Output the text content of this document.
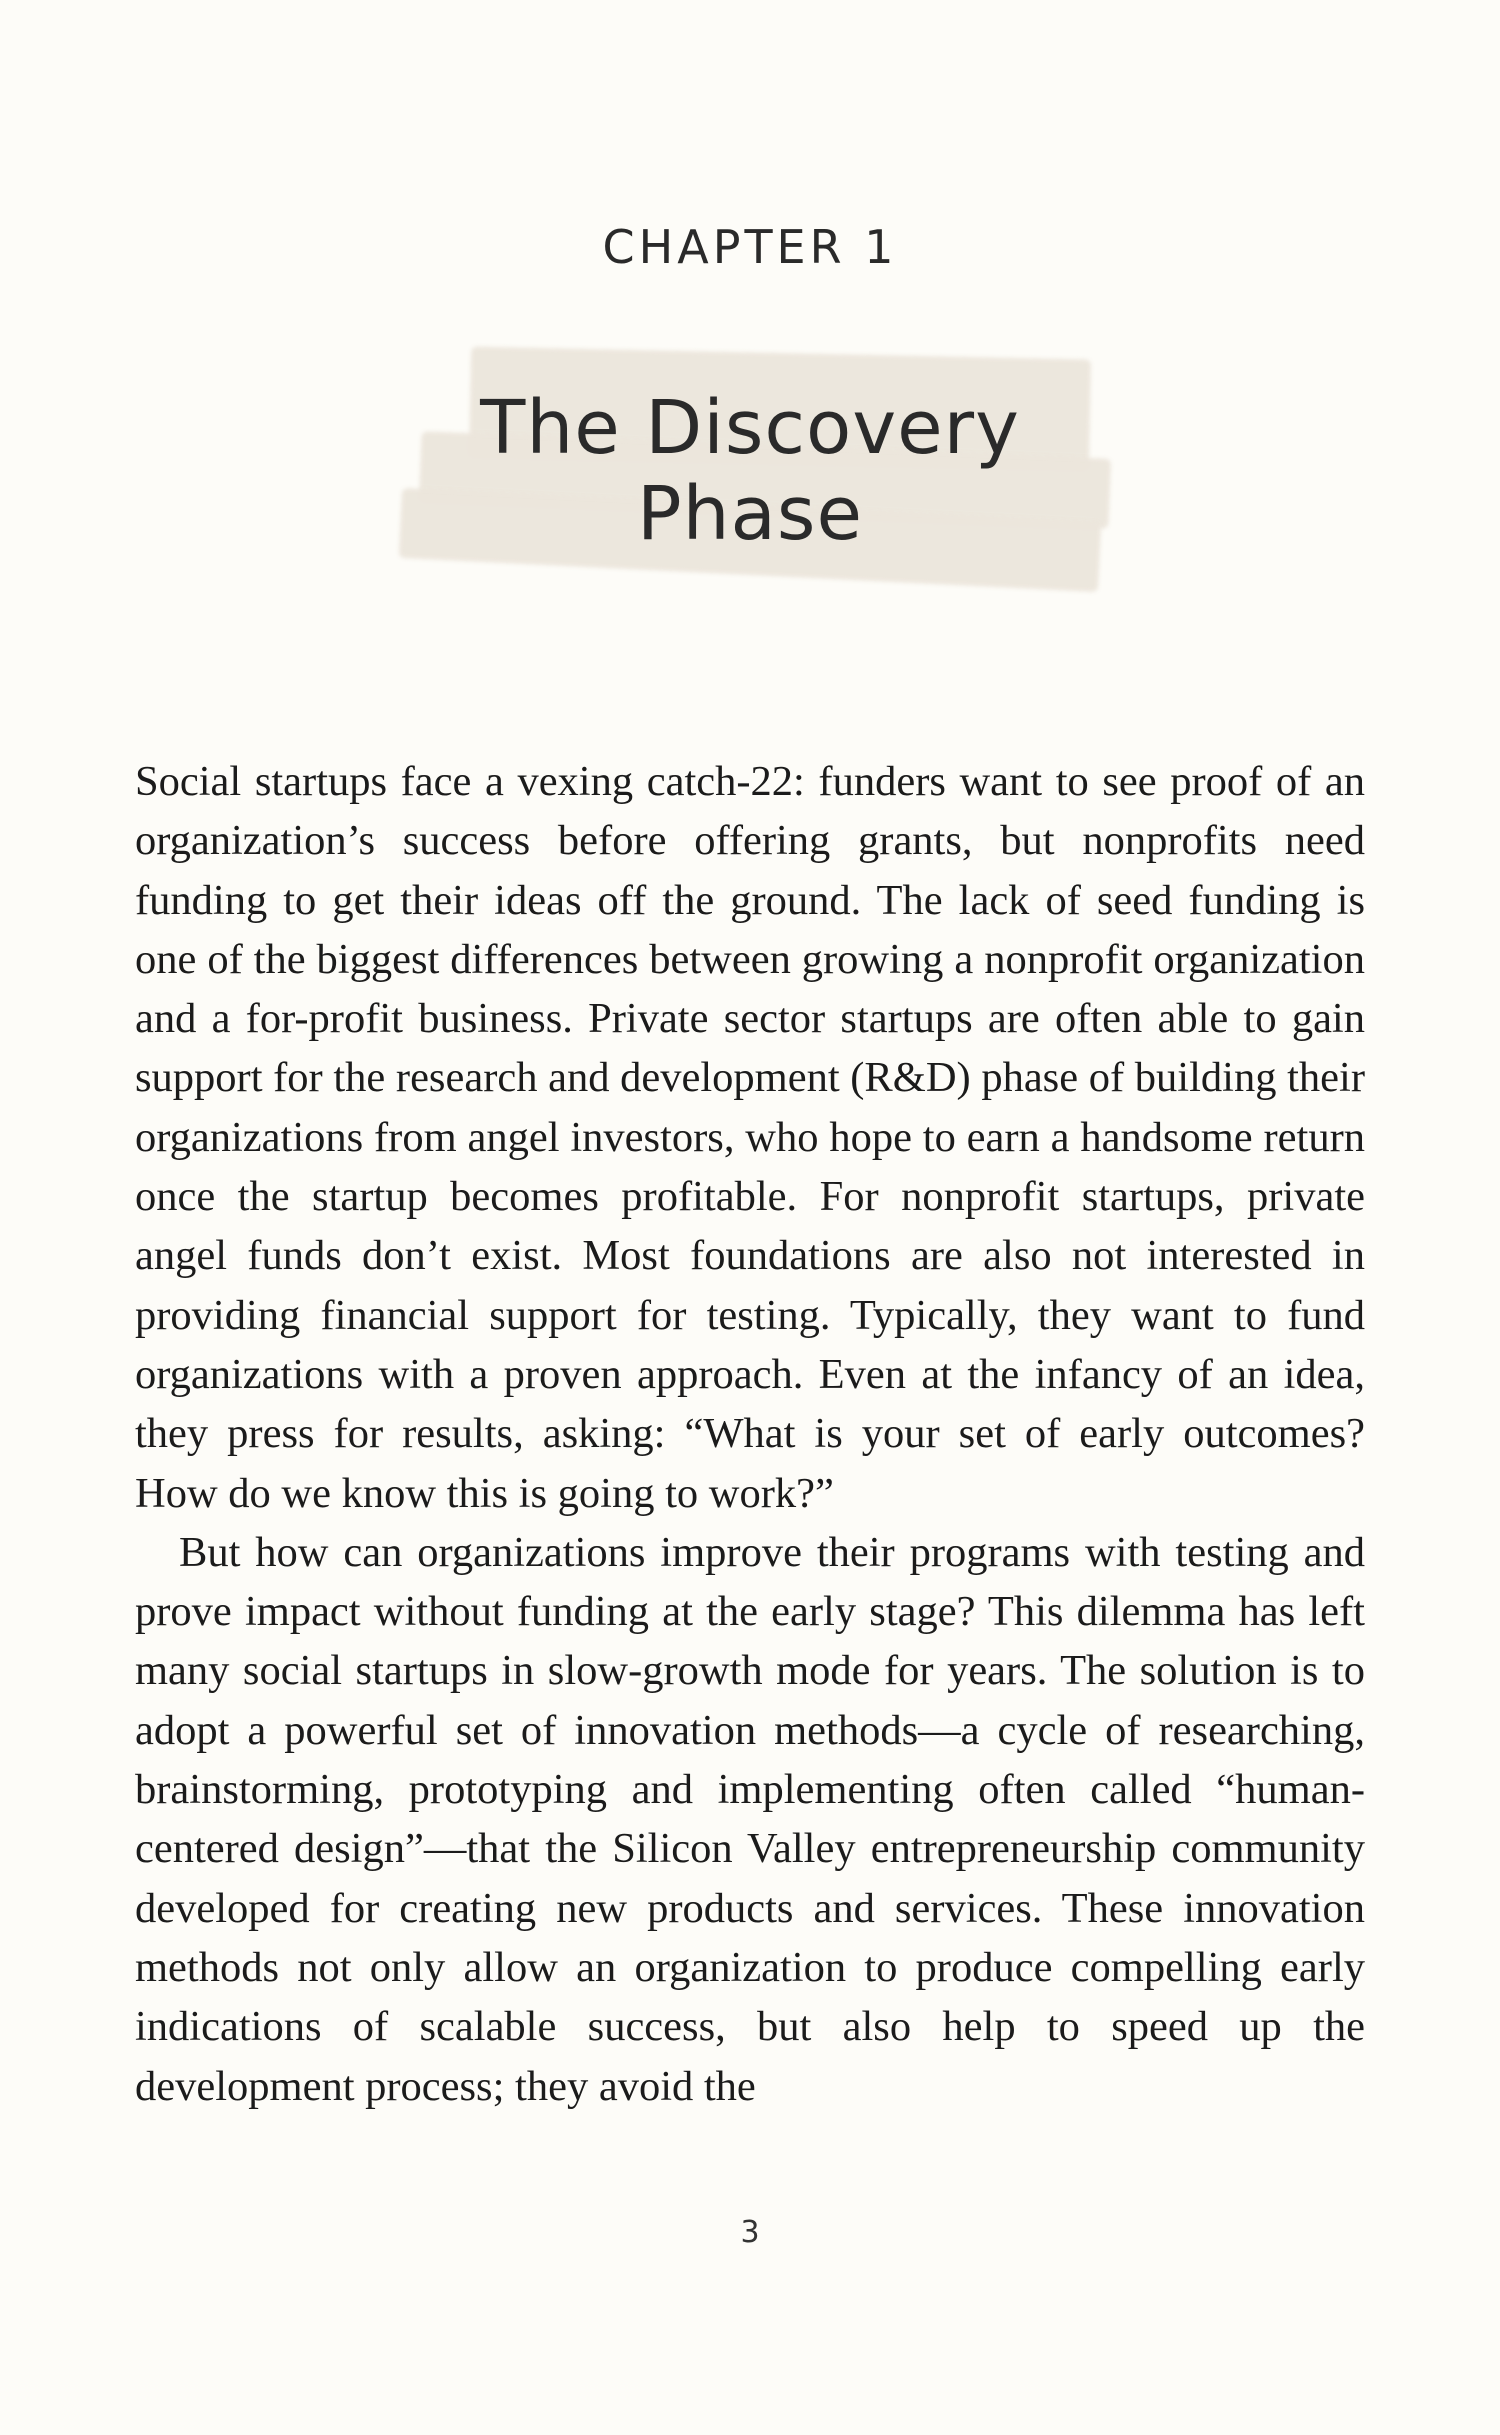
CHAPTER 1
The Discovery Phase

Social startups face a vexing catch-22: funders want to see proof of an organization’s success before offering grants, but nonprofits need funding to get their ideas off the ground. The lack of seed funding is one of the biggest differences between growing a nonprofit organization and a for-profit business. Private sector startups are often able to gain support for the research and development (R&D) phase of building their organizations from angel investors, who hope to earn a handsome return once the startup becomes profitable. For nonprofit startups, private angel funds don’t exist. Most foundations are also not interested in providing financial support for testing. Typically, they want to fund organizations with a proven approach. Even at the infancy of an idea, they press for results, asking: “What is your set of early outcomes? How do we know this is going to work?”

But how can organizations improve their programs with testing and prove impact without funding at the early stage? This dilemma has left many social startups in slow-growth mode for years. The solution is to adopt a powerful set of innovation methods—a cycle of researching, brainstorming, prototyping and implementing often called “human-centered design”—that the Silicon Valley entrepreneurship community developed for creating new products and services. These innovation methods not only allow an organization to produce compelling early indications of scalable success, but also help to speed up the development process; they avoid the

3
